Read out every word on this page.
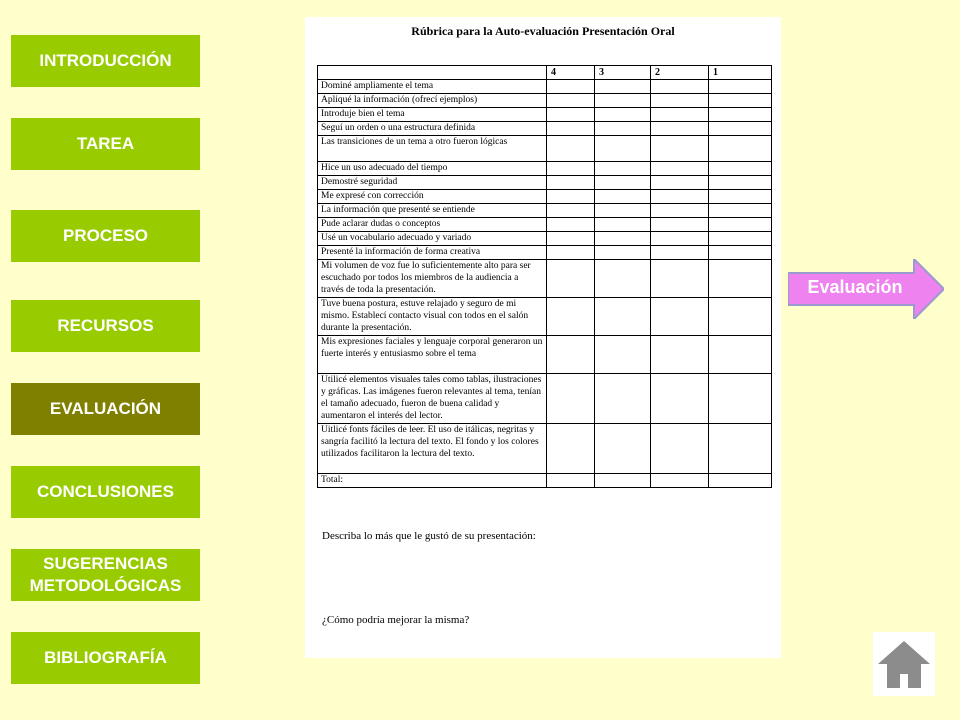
INTRODUCCIÓN
TAREA
PROCESO
RECURSOS
EVALUACIÓN
CONCLUSIONES
SUGERENCIAS
METODOLÓGICAS
BIBLIOGRAFÍA
Rúbrica para la Auto-evaluación Presentación Oral
	4	3	2	1
Dominé ampliamente el tema				
Apliqué la información (ofrecí ejemplos)				
Introduje bien el tema				
Seguí un orden o una estructura definida				
Las transiciones de un tema a otro fueron lógicas				
Hice un uso adecuado del tiempo				
Demostré seguridad				
Me expresé con corrección				
La información que presenté se entiende				
Pude aclarar dudas o conceptos				
Usé un vocabulario adecuado y variado				
Presenté la información de forma creativa				
Mi volumen de voz fue lo suficientemente alto para ser escuchado por todos los miembros de la audiencia a través de toda la presentación.				
Tuve buena postura, estuve relajado y seguro de mi mismo. Establecí contacto visual con todos en el salón durante la presentación.				
Mis expresiones faciales y lenguaje corporal generaron un fuerte interés y entusiasmo sobre el tema				
Utilicé elementos visuales tales como tablas, ilustraciones y gráficas. Las imágenes fueron relevantes al tema, tenían el tamaño adecuado, fueron de buena calidad y aumentaron el interés del lector.				
Uitlicé fonts fáciles de leer. El uso de itálicas, negritas y sangría facilitó la lectura del texto. El fondo y los colores utilizados facilitaron la lectura del texto.				
Total:				
Describa lo más que le gustó de su presentación:
¿Cómo podría mejorar la misma?
Evaluación
